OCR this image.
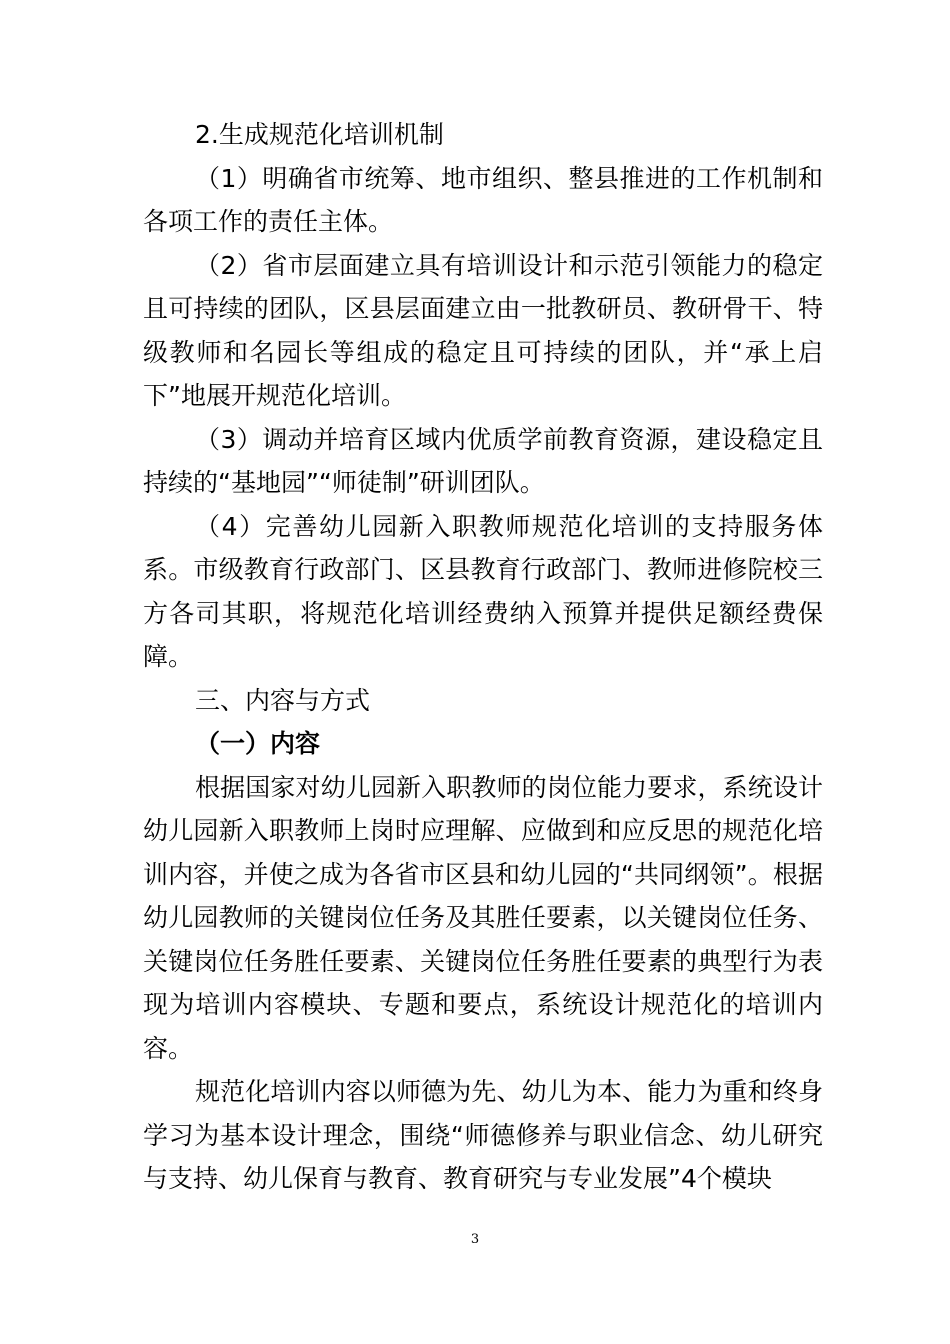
2.生成规范化培训机制

（1）明确省市统筹、地市组织、整县推进的工作机制和各项工作的责任主体。

（2）省市层面建立具有培训设计和示范引领能力的稳定且可持续的团队，区县层面建立由一批教研员、教研骨干、特级教师和名园长等组成的稳定且可持续的团队，并“承上启下”地展开规范化培训。

（3）调动并培育区域内优质学前教育资源，建设稳定且持续的“基地园”“师徒制”研训团队。

（4）完善幼儿园新入职教师规范化培训的支持服务体系。市级教育行政部门、区县教育行政部门、教师进修院校三方各司其职，将规范化培训经费纳入预算并提供足额经费保障。

三、内容与方式

（一）内容

根据国家对幼儿园新入职教师的岗位能力要求，系统设计幼儿园新入职教师上岗时应理解、应做到和应反思的规范化培训内容，并使之成为各省市区县和幼儿园的“共同纲领”。根据幼儿园教师的关键岗位任务及其胜任要素，以关键岗位任务、关键岗位任务胜任要素、关键岗位任务胜任要素的典型行为表现为培训内容模块、专题和要点，系统设计规范化的培训内容。

规范化培训内容以师德为先、幼儿为本、能力为重和终身学习为基本设计理念，围绕“师德修养与职业信念、幼儿研究与支持、幼儿保育与教育、教育研究与专业发展”4个模块

3
